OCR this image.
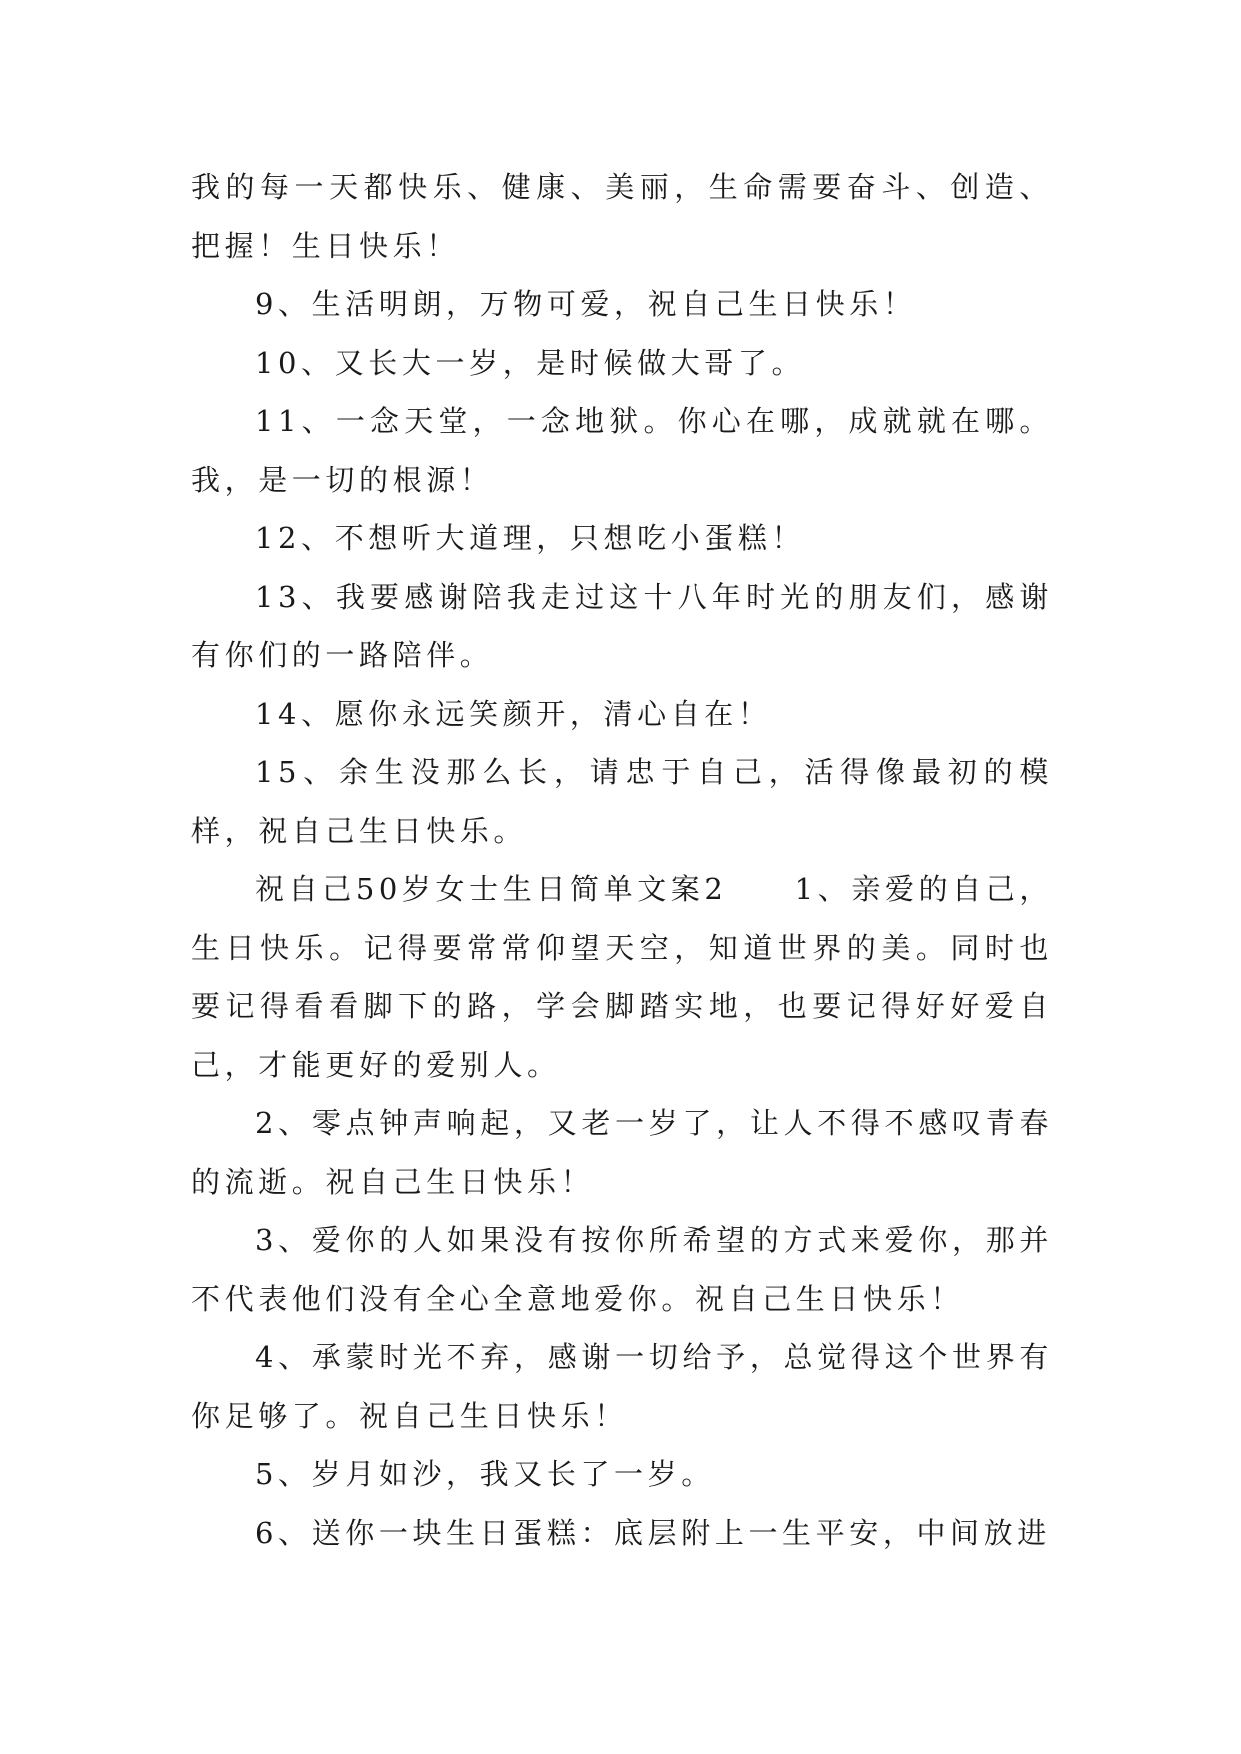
我的每一天都快乐、健康、美丽，生命需要奋斗、创造、把握！生日快乐！

9、生活明朗，万物可爱，祝自己生日快乐！

10、又长大一岁，是时候做大哥了。

11、一念天堂，一念地狱。你心在哪，成就就在哪。我，是一切的根源！

12、不想听大道理，只想吃小蛋糕！

13、我要感谢陪我走过这十八年时光的朋友们，感谢有你们的一路陪伴。

14、愿你永远笑颜开，清心自在！

15、余生没那么长，请忠于自己，活得像最初的模样，祝自己生日快乐。

祝自己50岁女士生日简单文案2　　1、亲爱的自己，生日快乐。记得要常常仰望天空，知道世界的美。同时也要记得看看脚下的路，学会脚踏实地，也要记得好好爱自己，才能更好的爱别人。

2、零点钟声响起，又老一岁了，让人不得不感叹青春的流逝。祝自己生日快乐！

3、爱你的人如果没有按你所希望的方式来爱你，那并不代表他们没有全心全意地爱你。祝自己生日快乐！

4、承蒙时光不弃，感谢一切给予，总觉得这个世界有你足够了。祝自己生日快乐！

5、岁月如沙，我又长了一岁。

6、送你一块生日蛋糕：底层附上一生平安，中间放进
